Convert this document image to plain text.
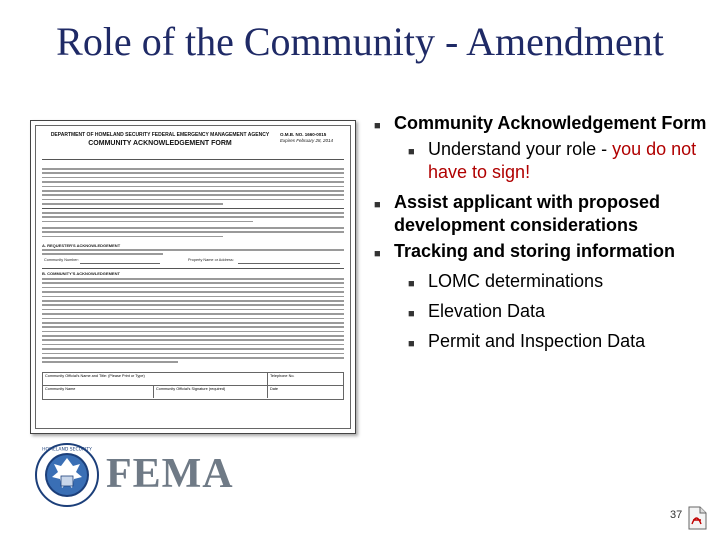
Role of the Community - Amendment
DEPARTMENT OF HOMELAND SECURITY FEDERAL EMERGENCY MANAGEMENT AGENCY
COMMUNITY ACKNOWLEDGEMENT FORM
O.M.B. NO. 1660-0015
Expires February 28, 2014

A. REQUESTER'S ACKNOWLEDGEMENT
Community Number:	Property Name or Address:
B. COMMUNITY'S ACKNOWLEDGEMENT
Community Official's Name and Title: (Please Print or Type)	Telephone No.
Community Name	Community Official's Signature (required)	Date
■ Community Acknowledgement Form
■ Understand your role - you do not have to sign!
■ Assist applicant with proposed development considerations
■ Tracking and storing information
■ LOMC determinations
■ Elevation Data
■ Permit and Inspection Data
HOMELAND SECURITY
FEMA
37
